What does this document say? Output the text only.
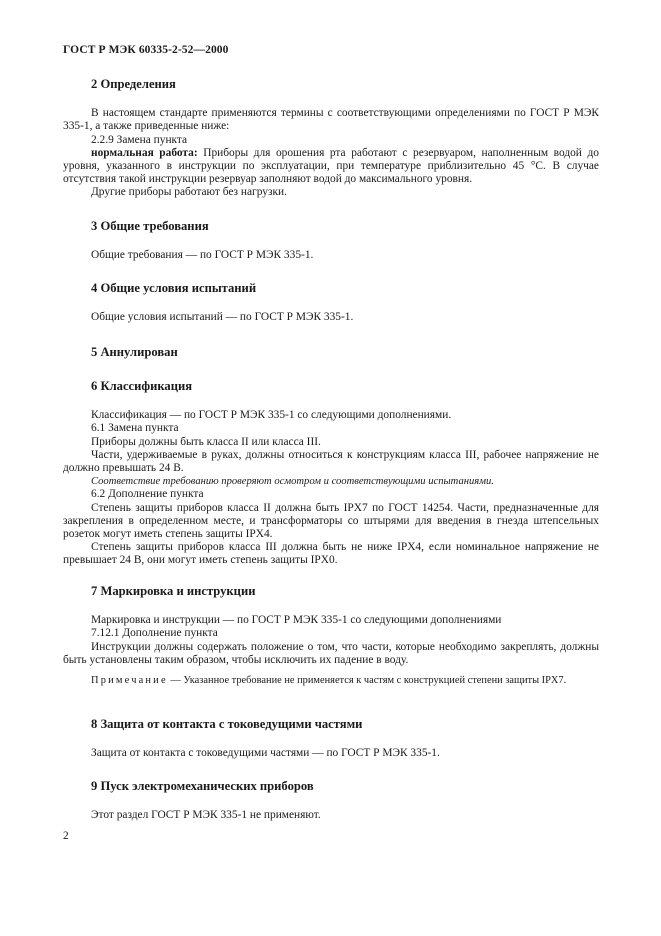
ГОСТ Р МЭК 60335-2-52—2000
2 Определения

В настоящем стандарте применяются термины с соответствующими определениями по ГОСТ Р МЭК 335-1, а также приведенные ниже:

2.2.9 Замена пункта

нормальная работа: Приборы для орошения рта работают с резервуаром, наполненным водой до уровня, указанного в инструкции по эксплуатации, при температуре приблизительно 45 °С. В случае отсутствия такой инструкции резервуар заполняют водой до максимального уровня.

Другие приборы работают без нагрузки.

3 Общие требования

Общие требования — по ГОСТ Р МЭК 335-1.

4 Общие условия испытаний

Общие условия испытаний — по ГОСТ Р МЭК 335-1.

5 Аннулирован
6 Классификация

Классификация — по ГОСТ Р МЭК 335-1 со следующими дополнениями.

6.1 Замена пункта

Приборы должны быть класса II или класса III.

Части, удерживаемые в руках, должны относиться к конструкциям класса III, рабочее напряжение не должно превышать 24 В.

Соответствие требованию проверяют осмотром и соответствующими испытаниями.

6.2 Дополнение пункта

Степень защиты приборов класса II должна быть IPX7 по ГОСТ 14254. Части, предназначенные для закрепления в определенном месте, и трансформаторы со штырями для введения в гнезда штепсельных розеток могут иметь степень защиты IPX4.

Степень защиты приборов класса III должна быть не ниже IPX4, если номинальное напряжение не превышает 24 В, они могут иметь степень защиты IPX0.

7 Маркировка и инструкции

Маркировка и инструкции — по ГОСТ Р МЭК 335-1 со следующими дополнениями

7.12.1 Дополнение пункта

Инструкции должны содержать положение о том, что части, которые необходимо закреплять, должны быть установлены таким образом, чтобы исключить их падение в воду.

Примечание — Указанное требование не применяется к частям с конструкцией степени защиты IPX7.

8 Защита от контакта с токоведущими частями

Защита от контакта с токоведущими частями — по ГОСТ Р МЭК 335-1.

9 Пуск электромеханических приборов

Этот раздел ГОСТ Р МЭК 335-1 не применяют.

2
